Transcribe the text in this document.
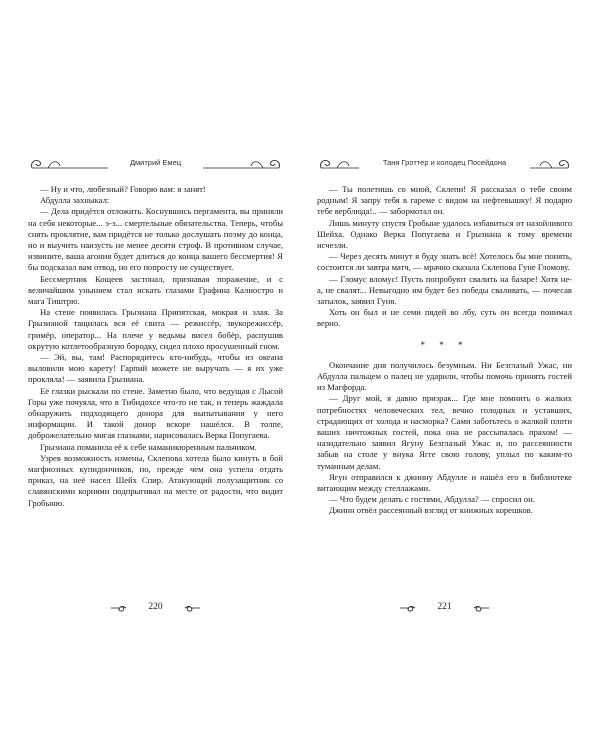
Дмитрий Емец

— Ну и что, любезный? Говорю вам: я занят!

Абдулла захныкал:

— Дела придётся отложить. Коснувшись пергамента, вы приняли на себя некоторые... э-э... смертельные обязательства. Теперь, чтобы снять проклятие, вам придётся не только дослушать поэму до конца, но и выучить наизусть не менее десяти строф. В противном случае, извините, ваша агония будет длиться до конца вашего бессмертия! Я бы подсказал вам отвод, но его попросту не существует.

Бессмертник Кощеев застонал, признавая поражение, и с величайшим унынием стал искать глазами Графина Калиостро и мага Тиштрю.

На стене появилась Грызиана Припятская, мокрая и злая. За Грызианой тащилась вся её свита — режиссёр, звукорежиссёр, гримёр, оператор... На плече у ведьмы висел бобёр, распушив окрутую котлетообразную бородку, сидел плохо просушенный гном.

— Эй, вы, там! Распорядитесь кто-нибудь, чтобы из океана выловили мою карету! Гарпий можете не выручать — я их уже прокляла! — заявила Грызиана.

Её глазки рыскали по стене. Заметно было, что ведущая с Лысой Горы уже почуяла, что в Тибидохсе что-то не так, и теперь жаждала обнаружить подходящего донора для выпытывания у него информации. И такой донор вскоре нашёлся. В толпе, доброжелательно мигая глазками, нарисовалась Верка Попугаева.

Грызиана поманила её к себе наманикюренным пальчиком.

Узрев возможность измены, Склепова хотела было кинуть в бой магфиозных купидончиков, но, прежде чем она успела отдать приказ, на неё насел Шейх Спир. Атакующий полузащитник со славянскими корнями подпрыгивал на месте от радости, что видит Гробыню.

220
Таня Гроттер и колодец Посейдона

— Ты полетишь со мной, Склепи! Я рассказал о тебе своим родным! Я запру тебя в гареме с видом на нефтевышку! Я подарю тебе верблюда!.. — забормотал он.

Лишь минуту спустя Гробыне удалось избавиться от назойливого Шейха. Однако Верка Попугаева и Грызиана к тому времени исчезли.

— Через десять минут я буду знать всё! Хотелось бы мне понять, состоится ли завтра матч, — мрачно сказала Склепова Гуне Гломову.

— Гломус вломус! Пусть попробуют свалить на базаре! Хотя не-а, не свалят... Невыгодно им будет без победы сваливать, — почесав затылок, заявил Гуня.

Хоть он был и не семи пядей во лбу, суть он всегда понимал верно.

* * *

Окончание дня получилось безумным. Ни Безглазый Ужас, ни Абдулла пальцем о палец не ударили, чтобы помочь принять гостей из Магфорда.

— Друг мой, я давно призрак... Где мне помнить о жалких потребностях человеческих тел, вечно голодных и уставших, страдающих от холода и насморка? Сами заботьтесь о жалкой плоти ваших ничтожных гостей, пока она не рассыпалась прахом! — назидательно заявил Ягуну Безглазый Ужас и, по рассеянности забыв на столе у внука Ягге свою голову, уплыл по каким-то туманным делам.

Ягун отправился к джинну Абдулле и нашёл его в библиотеке витающим между стеллажами.

— Что будем делать с гостями, Абдулла? — спросил он.

Джинн отвёл рассеянный взгляд от книжных корешков.

221
